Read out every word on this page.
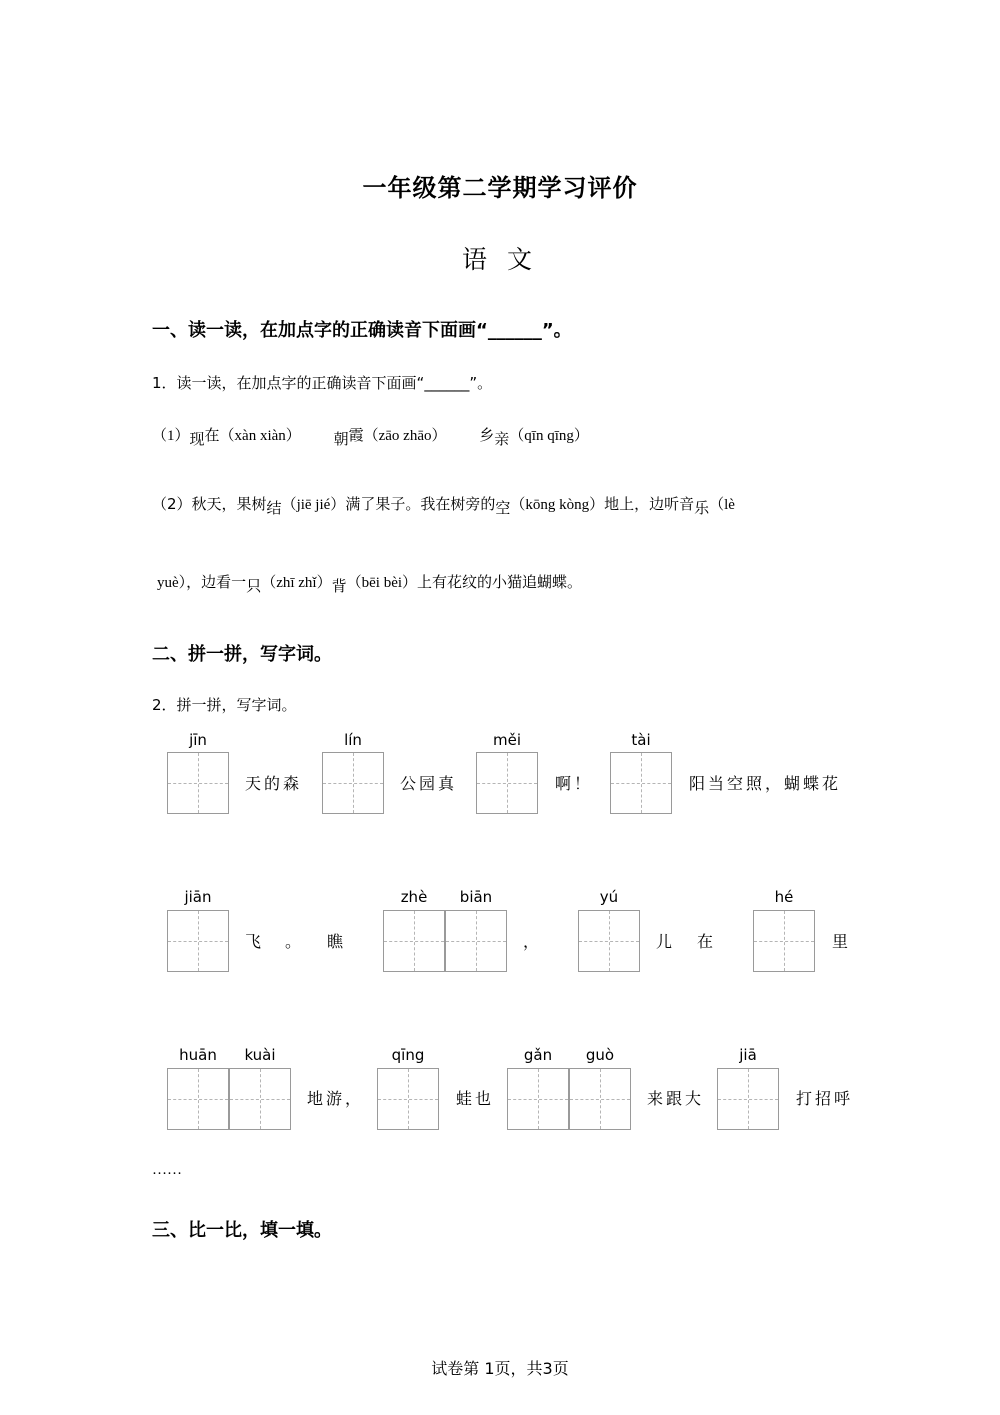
一年级第二学期学习评价
语 文
一、读一读，在加点字的正确读音下面画“______”。
1．读一读，在加点字的正确读音下面画“______”。
（1）现在（xàn xiàn） 朝霞（zāo zhāo） 乡亲（qīn qīng）
（2）秋天，果树结（jiē jié）满了果子。我在树旁的空（kōng kòng）地上，边听音乐（lè
yuè），边看一只（zhī zhǐ）背（bēi bèi）上有花纹的小猫追蝴蝶。
二、拼一拼，写字词。
2．拼一拼，写字词。
jīn
天的森
lín
公园真
měi
啊！
tài
阳当空照，蝴蝶花
jiān
飞 。 瞧
zhè	biān
，
yú
儿 在
hé
里
huān	kuài
地游，
qīng
蛙也
gǎn	guò
来跟大
jiā
打招呼
……
三、比一比，填一填。
试卷第 1页，共3页
